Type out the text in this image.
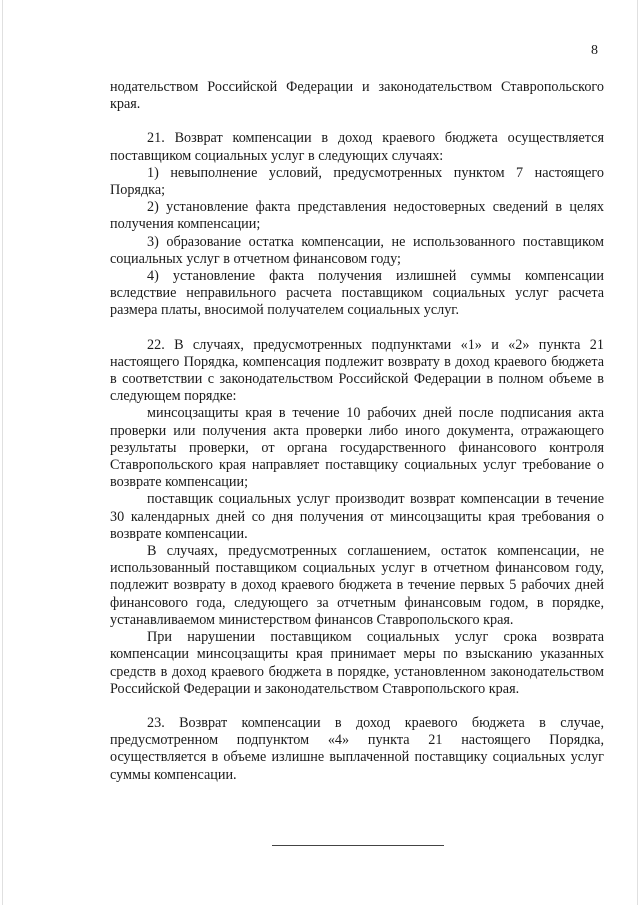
8

нодательством Российской Федерации и законодательством Ставропольского края.

21. Возврат компенсации в доход краевого бюджета осуществляется поставщиком социальных услуг в следующих случаях:

1) невыполнение условий, предусмотренных пунктом 7 настоящего Порядка;

2) установление факта представления недостоверных сведений в целях получения компенсации;

3) образование остатка компенсации, не использованного поставщиком социальных услуг в отчетном финансовом году;

4) установление факта получения излишней суммы компенсации вследствие неправильного расчета поставщиком социальных услуг расчета размера платы, вносимой получателем социальных услуг.

22. В случаях, предусмотренных подпунктами «1» и «2» пункта 21 настоящего Порядка, компенсация подлежит возврату в доход краевого бюджета в соответствии с законодательством Российской Федерации в полном объеме в следующем порядке:

минсоцзащиты края в течение 10 рабочих дней после подписания акта проверки или получения акта проверки либо иного документа, отражающего результаты проверки, от органа государственного финансового контроля Ставропольского края направляет поставщику социальных услуг требование о возврате компенсации;

поставщик социальных услуг производит возврат компенсации в течение 30 календарных дней со дня получения от минсоцзащиты края требования о возврате компенсации.

В случаях, предусмотренных соглашением, остаток компенсации, не использованный поставщиком социальных услуг в отчетном финансовом году, подлежит возврату в доход краевого бюджета в течение первых 5 рабочих дней финансового года, следующего за отчетным финансовым годом, в порядке, устанавливаемом министерством финансов Ставропольского края.

При нарушении поставщиком социальных услуг срока возврата компенсации минсоцзащиты края принимает меры по взысканию указанных средств в доход краевого бюджета в порядке, установленном законодательством Российской Федерации и законодательством Ставропольского края.

23. Возврат компенсации в доход краевого бюджета в случае, предусмотренном подпунктом «4» пункта 21 настоящего Порядка, осуществляется в объеме излишне выплаченной поставщику социальных услуг суммы компенсации.
